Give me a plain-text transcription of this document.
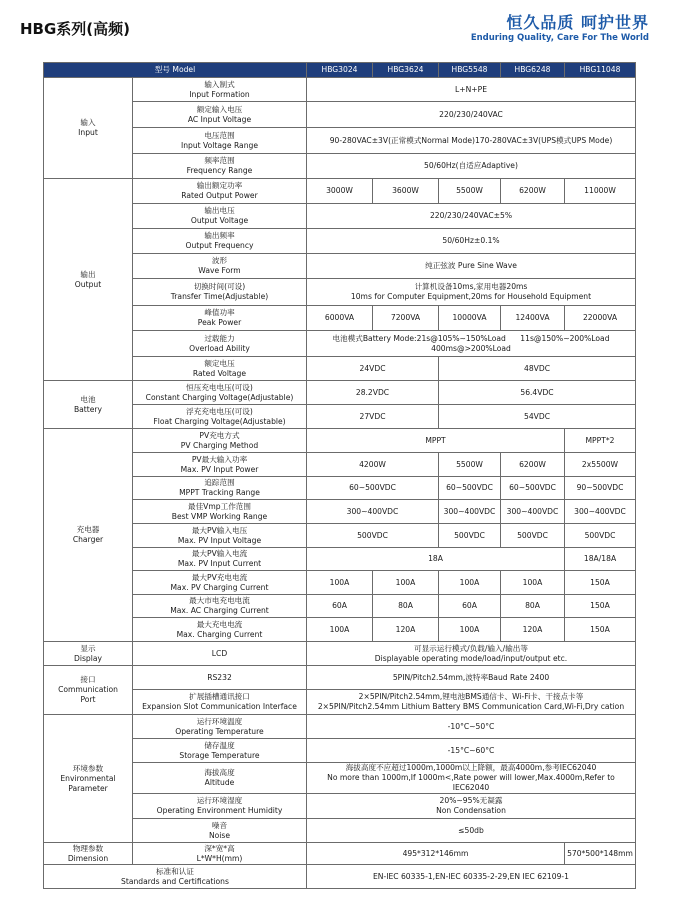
HBG系列(高频)	恒久品质 呵护世界
Enduring Quality, Care For The World
型号 Model		HBG3024	HBG3624	HBG5548	HBG6248	HBG11048
输入
Input	输入制式
Input Formation	L+N+PE				
	额定输入电压
AC Input Voltage	220/230/240VAC				
	电压范围
Input Voltage Range	90-280VAC±3V(正常模式Normal Mode)170-280VAC±3V(UPS模式UPS Mode)				
	频率范围
Frequency Range	50/60Hz(自适应Adaptive)				
输出
Output	输出额定功率
Rated Output Power	3000W	3600W	5500W	6200W	11000W
	输出电压
Output Voltage	220/230/240VAC±5%				
	输出频率
Output Frequency	50/60Hz±0.1%				
	波形
Wave Form	纯正弦波 Pure Sine Wave				
	切换时间(可设)
Transfer Time(Adjustable)	计算机设备10ms,家用电器20ms
10ms for Computer Equipment,20ms for Household Equipment				
	峰值功率
Peak Power	6000VA	7200VA	10000VA	12400VA	22000VA
	过载能力
Overload Ability	电池模式Battery Mode:21s@105%~150%Load      11s@150%~200%Load
400ms@>200%Load				
	额定电压
Rated Voltage	24VDC		48VDC		
电池
Battery	恒压充电电压(可设)
Constant Charging Voltage(Adjustable)	28.2VDC		56.4VDC		
	浮充充电电压(可设)
Float Charging Voltage(Adjustable)	27VDC		54VDC		
充电器
Charger	PV充电方式
PV Charging Method	MPPT				MPPT*2
	PV最大输入功率
Max. PV Input Power	4200W		5500W	6200W	2x5500W
	追踪范围
MPPT Tracking Range	60~500VDC		60~500VDC	60~500VDC	90~500VDC
	最佳Vmp工作范围
Best VMP Working Range	300~400VDC		300~400VDC	300~400VDC	300~400VDC
	最大PV输入电压
Max. PV Input Voltage	500VDC		500VDC	500VDC	500VDC
	最大PV输入电流
Max. PV Input Current	18A				18A/18A
	最大PV充电电流
Max. PV Charging Current	100A	100A	100A	100A	150A
	最大市电充电电流
Max. AC Charging Current	60A	80A	60A	80A	150A
	最大充电电流
Max. Charging Current	100A	120A	100A	120A	150A
显示
Display	LCD	可显示运行模式/负载/输入/输出等
Displayable operating mode/load/input/output etc.				
接口
Communication
Port	RS232	5PIN/Pitch2.54mm,波特率Baud Rate 2400				
	扩展插槽通讯接口
Expansion Slot Communication Interface	2×5PIN/Pitch2.54mm,锂电池BMS通信卡、Wi-Fi卡、干接点卡等
2×5PIN/Pitch2.54mm Lithium Battery BMS Communication Card,Wi-Fi,Dry cation				
环境参数
Environmental
Parameter	运行环境温度
Operating Temperature	-10°C~50°C				
	储存温度
Storage Temperature	-15°C~60°C				
	海拔高度
Altitude	海拔高度不应超过1000m,1000m以上降额，最高4000m,参考IEC62040
No more than 1000m,If 1000m<,Rate power will lower,Max.4000m,Refer to IEC62040				
	运行环境湿度
Operating Environment Humidity	20%~95%无凝露
Non Condensation				
	噪音
Noise	≤50db				
物理参数
Dimension	深*宽*高
L*W*H(mm)	495*312*146mm				570*500*148mm
标准和认证
Standards and Certifications		EN-IEC 60335-1,EN-IEC 60335-2-29,EN IEC 62109-1				
